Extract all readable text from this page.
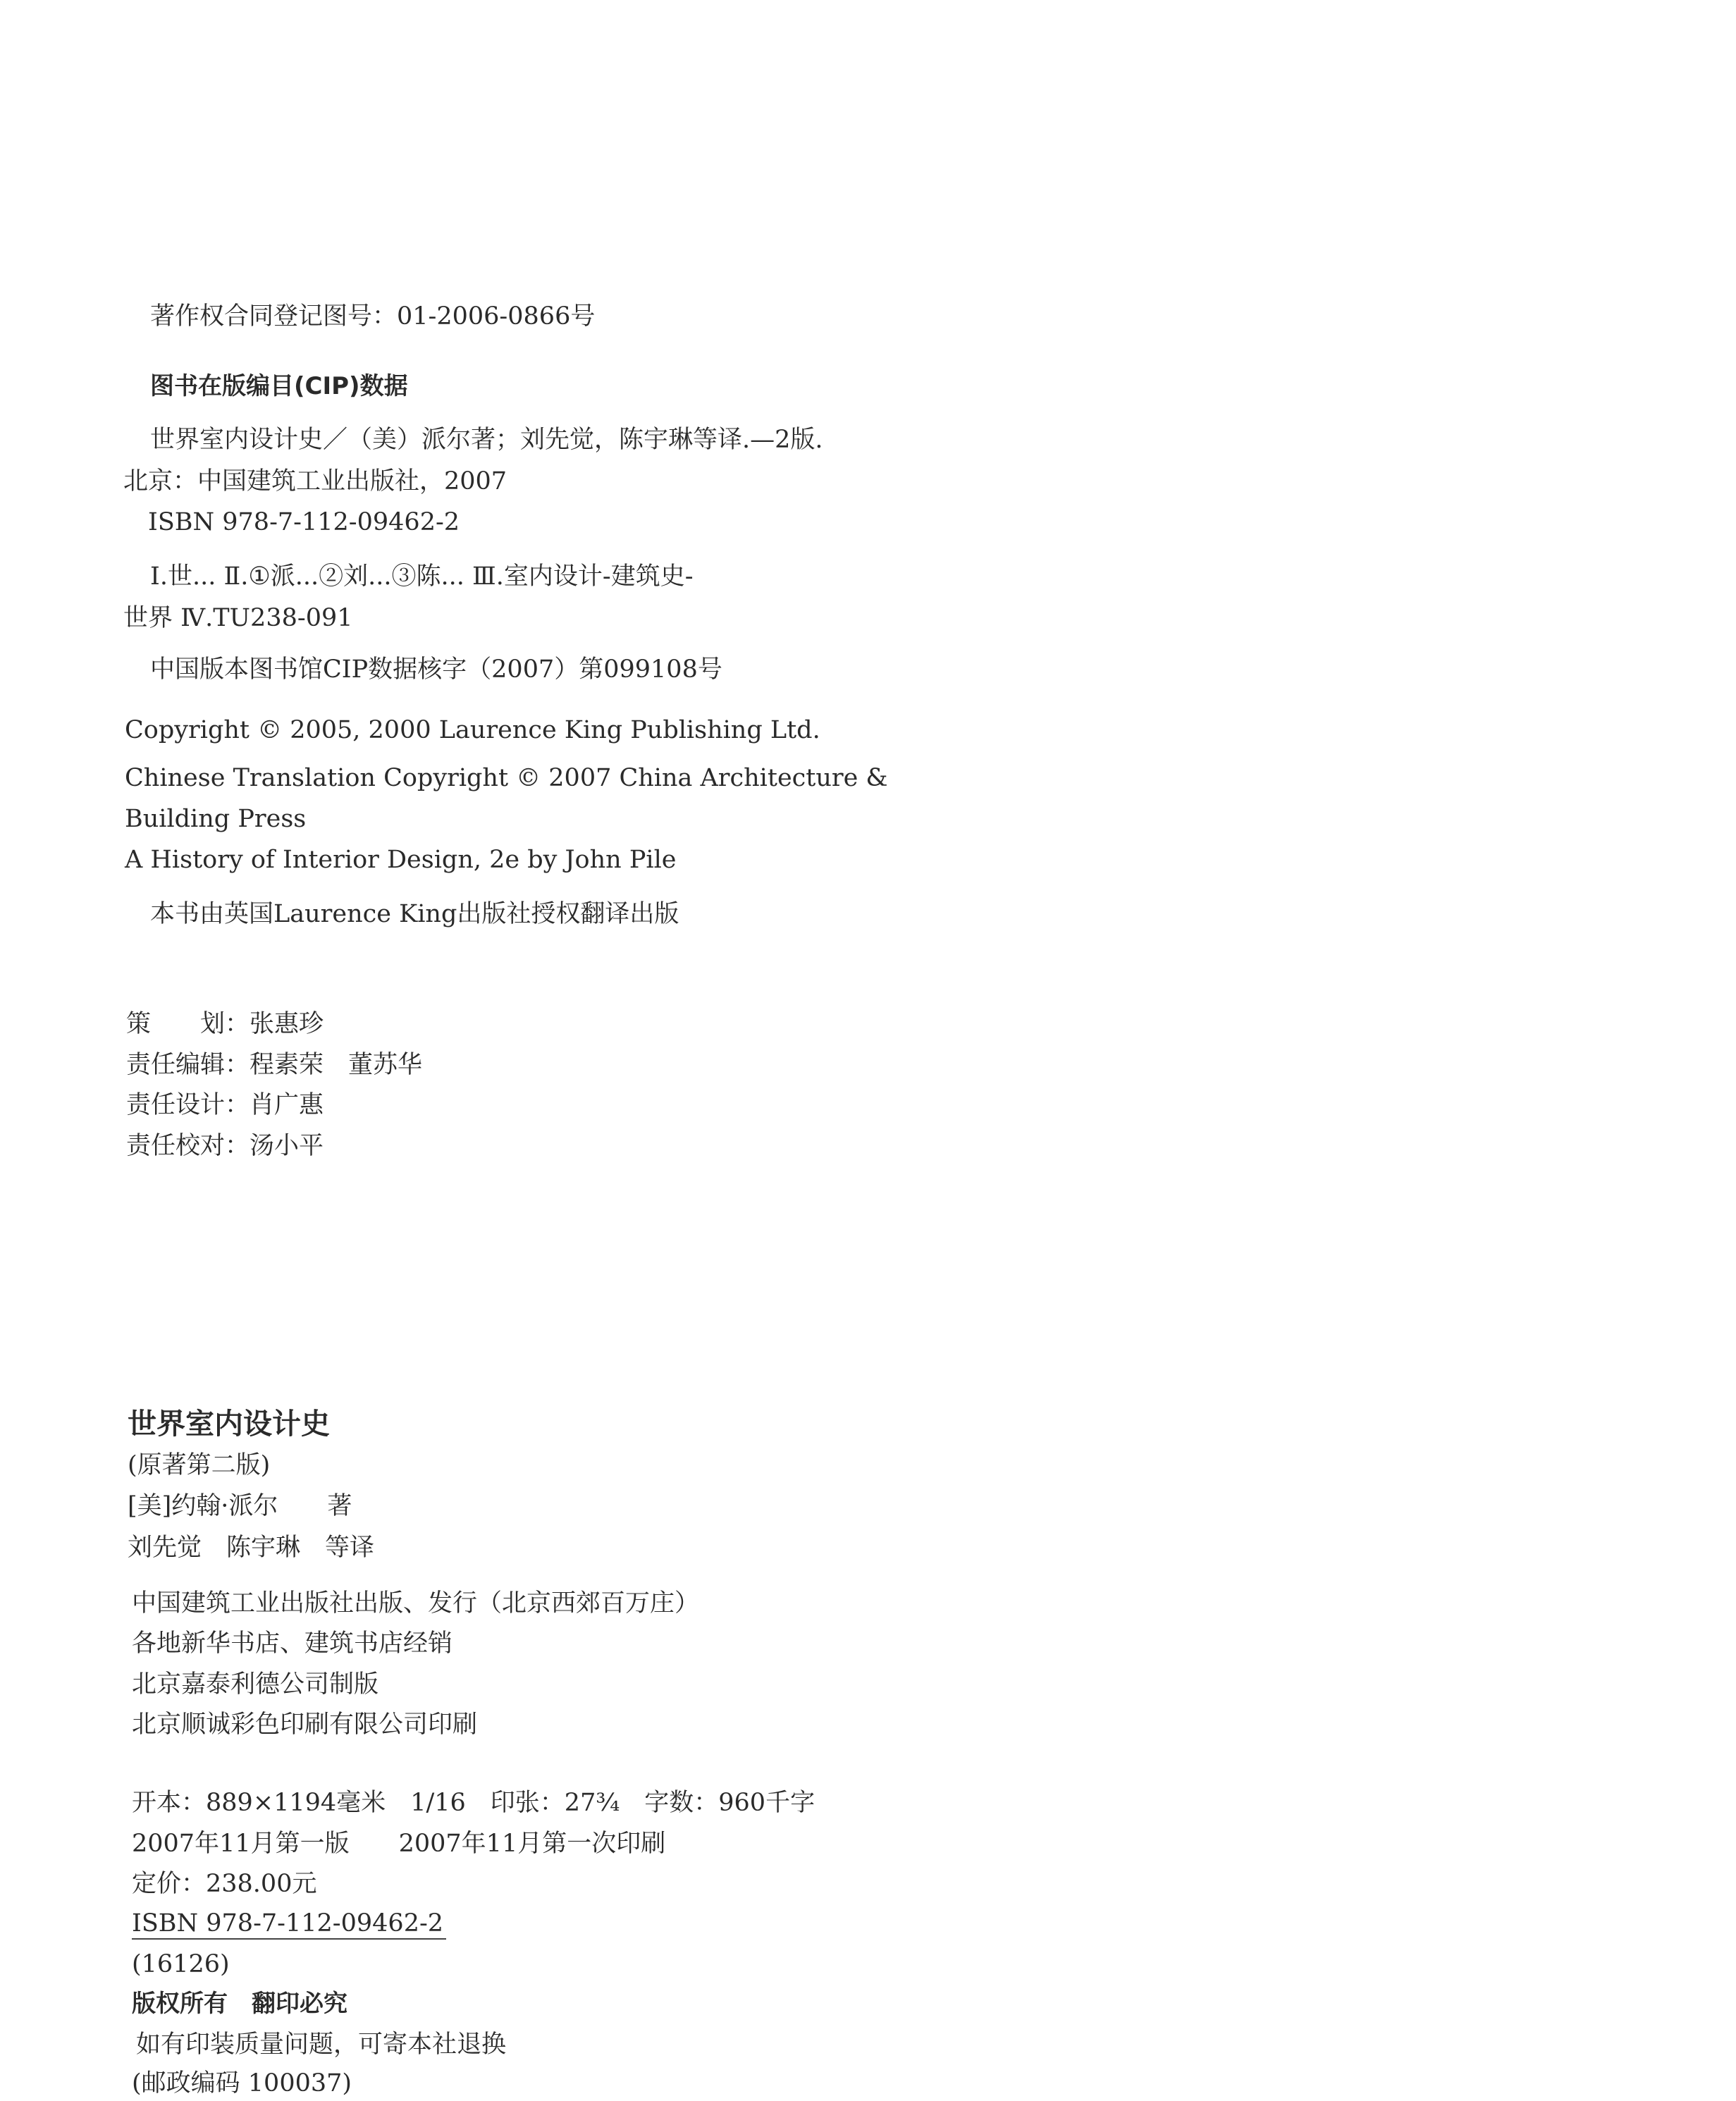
著作权合同登记图号：01-2006-0866号
图书在版编目(CIP)数据
世界室内设计史／（美）派尔著；刘先觉，陈宇琳等译.—2版.
北京：中国建筑工业出版社，2007
ISBN 978-7-112-09462-2
Ⅰ.世... Ⅱ.①派...②刘...③陈... Ⅲ.室内设计-建筑史-
世界 Ⅳ.TU238-091
中国版本图书馆CIP数据核字（2007）第099108号
Copyright © 2005, 2000 Laurence King Publishing Ltd.
Chinese Translation Copyright © 2007 China Architecture &
Building Press
A History of Interior Design, 2e by John Pile
本书由英国Laurence King出版社授权翻译出版
策　　划：张惠珍
责任编辑：程素荣　董苏华
责任设计：肖广惠
责任校对：汤小平
世界室内设计史
(原著第二版)
[美]约翰·派尔　　著
刘先觉　陈宇琳　等译
中国建筑工业出版社出版、发行（北京西郊百万庄）
各地新华书店、建筑书店经销
北京嘉泰利德公司制版
北京顺诚彩色印刷有限公司印刷
开本：889×1194毫米　1/16　印张：27¾　字数：960千字
2007年11月第一版　　2007年11月第一次印刷
定价：238.00元
ISBN 978-7-112-09462-2
(16126)
版权所有　翻印必究
如有印装质量问题，可寄本社退换
(邮政编码 100037)
